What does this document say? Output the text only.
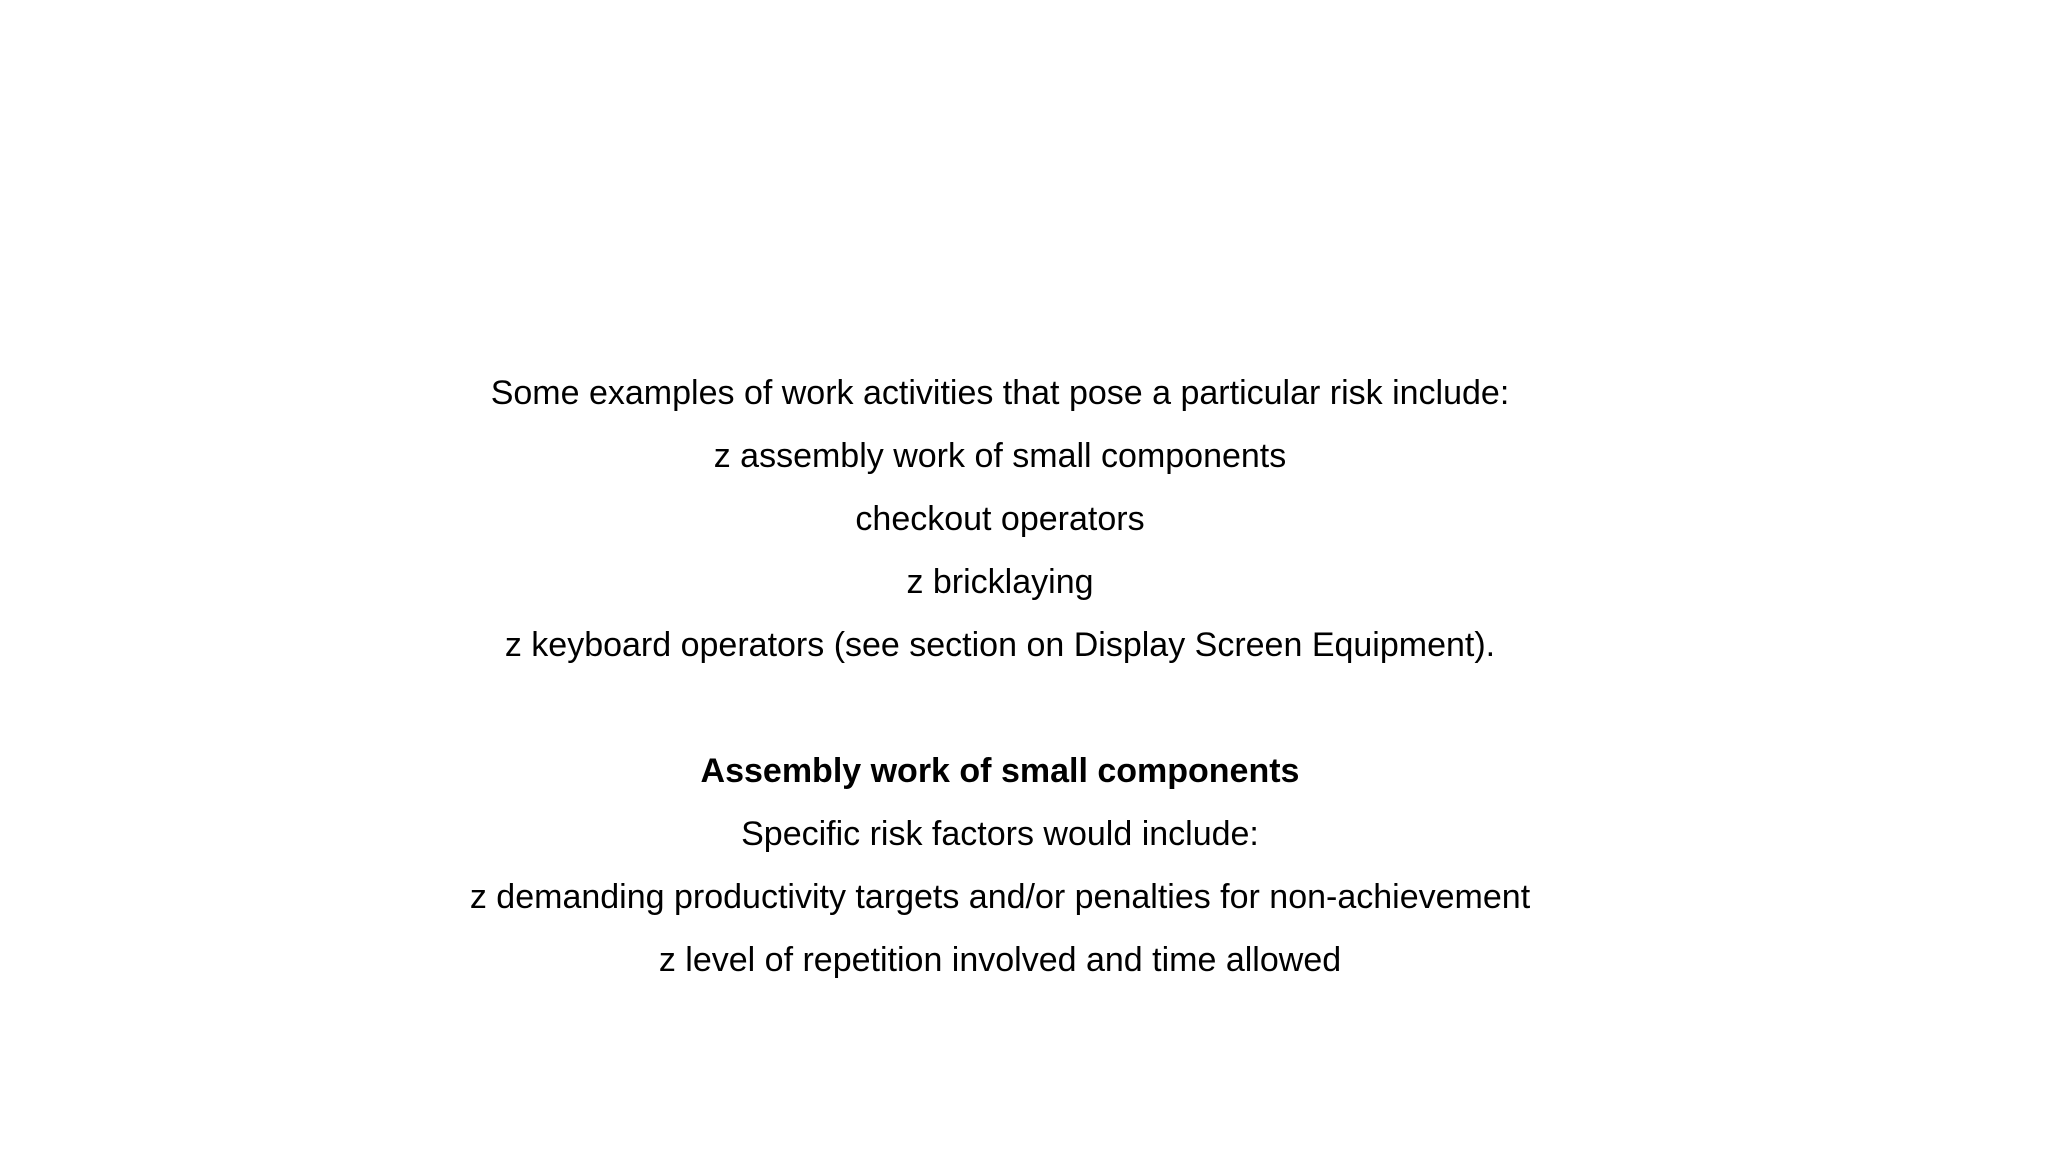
Some examples of work activities that pose a particular risk include:
z assembly work of small components
checkout operators
z bricklaying
z keyboard operators (see section on Display Screen Equipment).
Assembly work of small components
Specific risk factors would include:
z demanding productivity targets and/or penalties for non-achievement
z level of repetition involved and time allowed
